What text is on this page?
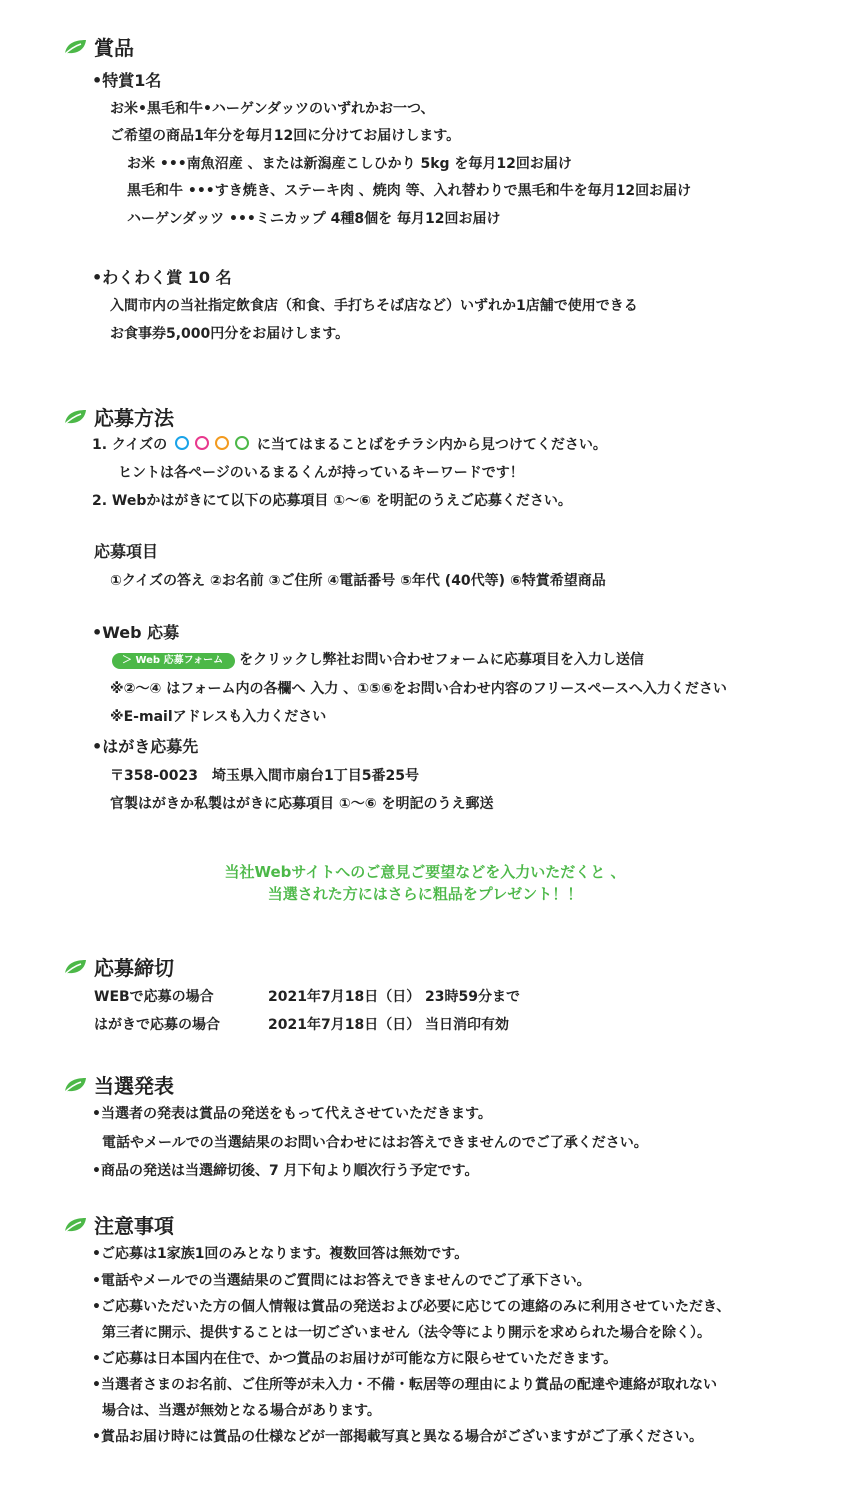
賞品
•特賞1名
お米•黒毛和牛•ハーゲンダッツのいずれかお一つ、
ご希望の商品1年分を毎月12回に分けてお届けします。
お米 •••南魚沼産 、または新潟産こしひかり 5kg を毎月12回お届け
黒毛和牛 •••すき焼き、ステーキ肉 、焼肉 等、入れ替わりで黒毛和牛を毎月12回お届け
ハーゲンダッツ •••ミニカップ 4種8個を 毎月12回お届け
•わくわく賞 10 名
入間市内の当社指定飲食店（和食、手打ちそば店など）いずれか1店舗で使用できる
お食事券5,000円分をお届けします。
応募方法
1. クイズの	に当てはまることばをチラシ内から見つけてください。
ヒントは各ページのいるまるくんが持っているキーワードです！
2. Webかはがきにて以下の応募項目 ①〜⑥ を明記のうえご応募ください。
応募項目
①クイズの答え ②お名前 ③ご住所 ④電話番号 ⑤年代 (40代等) ⑥特賞希望商品
•Web 応募
＞ Web 応募フォーム をクリックし弊社お問い合わせフォームに応募項目を入力し送信
※②〜④ はフォーム内の各欄へ 入力 、①⑤⑥をお問い合わせ内容のフリースペースへ入力ください
※E-mailアドレスも入力ください
•はがき応募先
〒358-0023　埼玉県入間市扇台1丁目5番25号
官製はがきか私製はがきに応募項目 ①〜⑥ を明記のうえ郵送
当社Webサイトへのご意見ご要望などを入力いただくと 、
当選された方にはさらに粗品をプレゼント！！
応募締切
WEBで応募の場合	2021年7月18日（日） 23時59分まで
はがきで応募の場合	2021年7月18日（日） 当日消印有効
当選発表
•当選者の発表は賞品の発送をもって代えさせていただきます。
電話やメールでの当選結果のお問い合わせにはお答えできませんのでご了承ください。
•商品の発送は当選締切後、7 月下旬より順次行う予定です。
注意事項
•ご応募は1家族1回のみとなります。複数回答は無効です。
•電話やメールでの当選結果のご質問にはお答えできませんのでご了承下さい。
•ご応募いただいた方の個人情報は賞品の発送および必要に応じての連絡のみに利用させていただき、
第三者に開示、提供することは一切ございません（法令等により開示を求められた場合を除く）。
•ご応募は日本国内在住で、かつ賞品のお届けが可能な方に限らせていただきます。
•当選者さまのお名前、ご住所等が未入力・不備・転居等の理由により賞品の配達や連絡が取れない
場合は、当選が無効となる場合があります。
•賞品お届け時には賞品の仕様などが一部掲載写真と異なる場合がございますがご了承ください。
